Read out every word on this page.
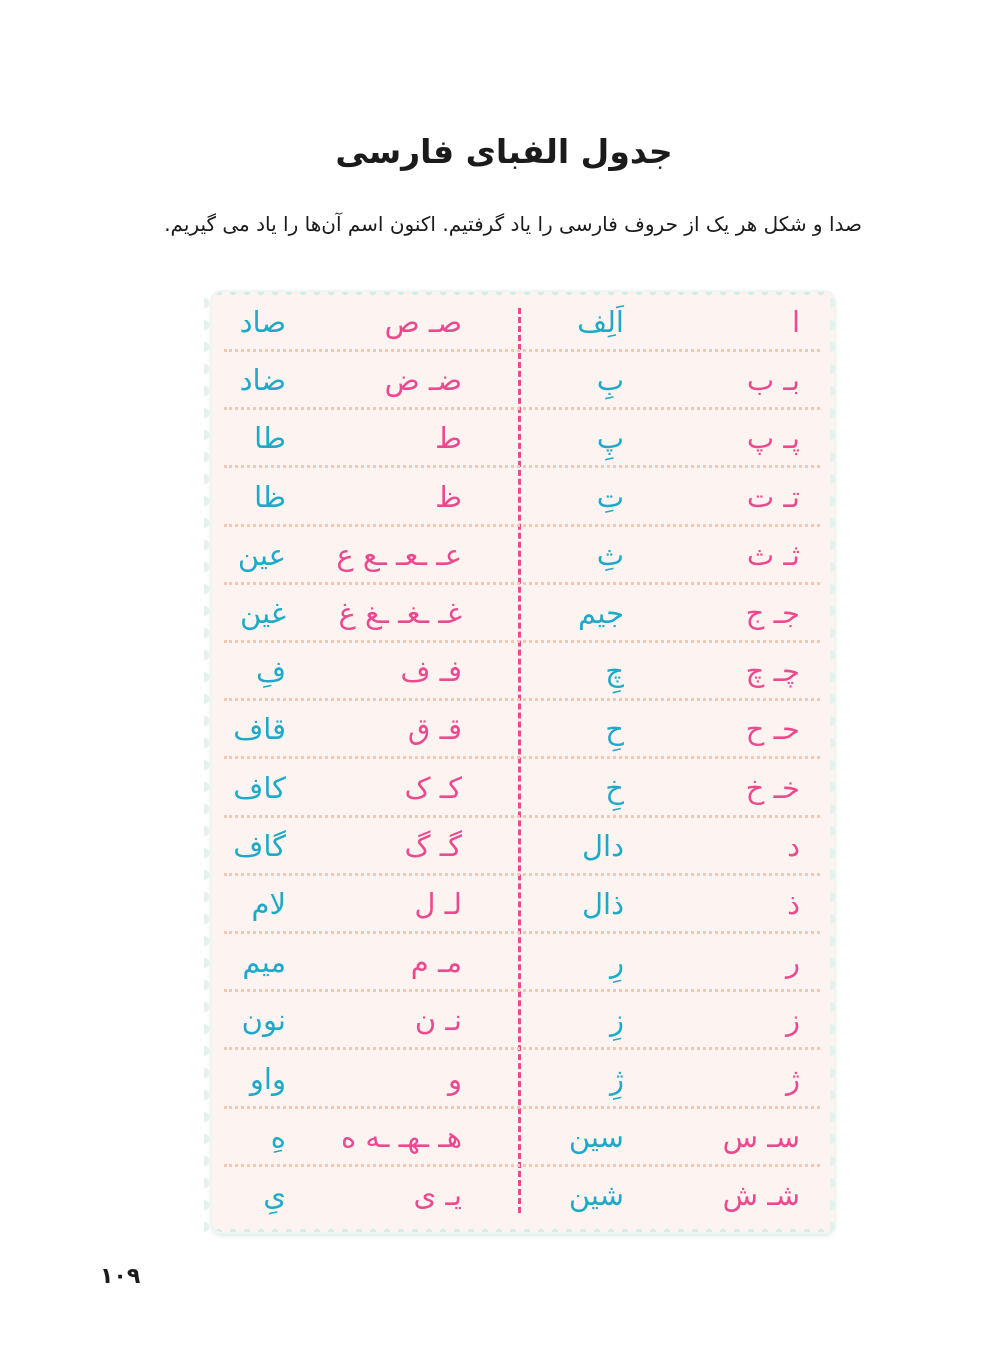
جدول الفبای فارسی
صدا و شکل هر یک از حروف فارسی را یاد گرفتیم. اکنون اسم آن‌ها را یاد می گیریم.
ا
اَلِف
صـ ص
صاد
بـ ب
بِ
ضـ ض
ضاد
پـ پ
پِ
ط
طا
تـ ت
تِ
ظ
ظا
ثـ ث
ثِ
عـ ـعـ ـع ع
عین
جـ ج
جیم
غـ ـغـ ـغ غ
غین
چـ چ
چِ
فـ ف
فِ
حـ ح
حِ
قـ ق
قاف
خـ خ
خِ
کـ ک
کاف
د
دال
گـ گ
گاف
ذ
ذال
لـ ل
لام
ر
رِ
مـ م
میم
ز
زِ
نـ ن
نون
ژ
ژِ
و
واو
سـ س
سین
هـ ـهـ ـه ه
هِ
شـ ش
شین
یـ ی
یِ
۱۰۹
